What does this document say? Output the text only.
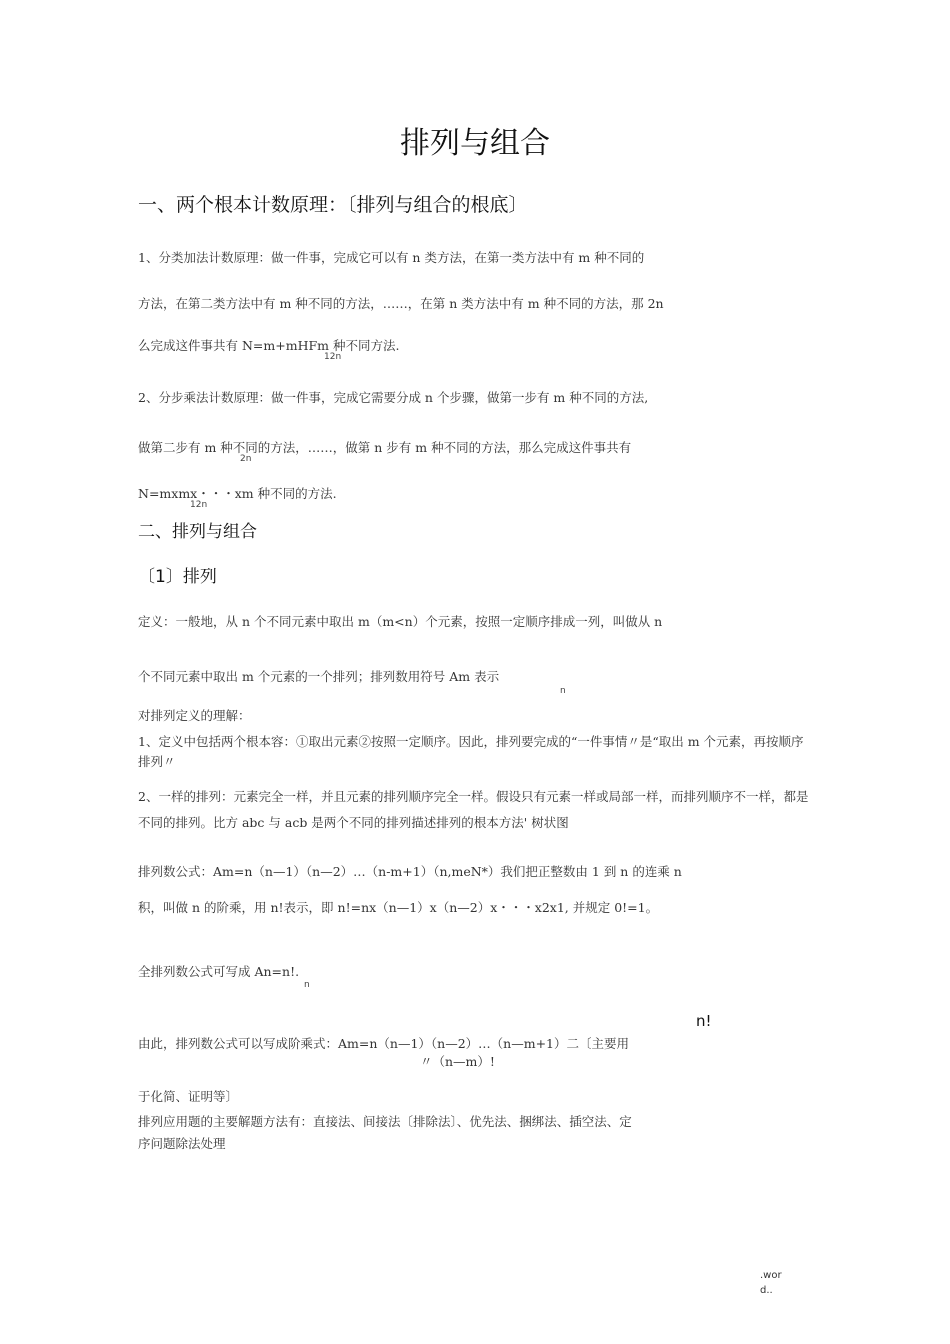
排列与组合
一、两个根本计数原理：〔排列与组合的根底〕
1、分类加法计数原理：做一件事，完成它可以有 n 类方法，在第一类方法中有 m 种不同的
方法，在第二类方法中有 m 种不同的方法，……，在第 n 类方法中有 m 种不同的方法，那 2n
么完成这件事共有 N=m+mHFm 种不同方法.
12n
2、分步乘法计数原理：做一件事，完成它需要分成 n 个步骤，做第一步有 m 种不同的方法,
做第二步有 m 种不同的方法，……，做第 n 步有 m 种不同的方法，那么完成这件事共有
2n
N=mxmx・・・xm 种不同的方法.
12n
二、排列与组合
〔1〕排列
定义：一般地，从 n 个不同元素中取出 m（m<n）个元素，按照一定顺序排成一列，叫做从 n
个不同元素中取出 m 个元素的一个排列；排列数用符号 Am 表示
n
对排列定义的理解：
1、定义中包括两个根本容：①取出元素②按照一定顺序。因此，排列要完成的“一件事情〃是“取出 m 个元素，再按顺序排列〃
2、一样的排列：元素完全一样，并且元素的排列顺序完全一样。假设只有元素一样或局部一样，而排列顺序不一样，都是不同的排列。比方 abc 与 acb 是两个不同的排列描述排列的根本方法' 树状图
排列数公式：Am=n（n—1）（n—2）…（n-m+1）（n,meN*）我们把正整数由 1 到 n 的连乘 n
积，叫做 n 的阶乘，用 n!表示，即 n!=nx（n—1）x（n—2）x・・・x2x1, 并规定 0!=1。
全排列数公式可写成 An=n!.
n
n!
由此，排列数公式可以写成阶乘式：Am=n（n—1）（n—2）…（n—m+1）二〔主要用
〃（n—m）!
于化简、证明等〕
排列应用题的主要解题方法有：直接法、间接法〔排除法〕、优先法、捆绑法、插空法、定
序问题除法处理
.wor
d..
